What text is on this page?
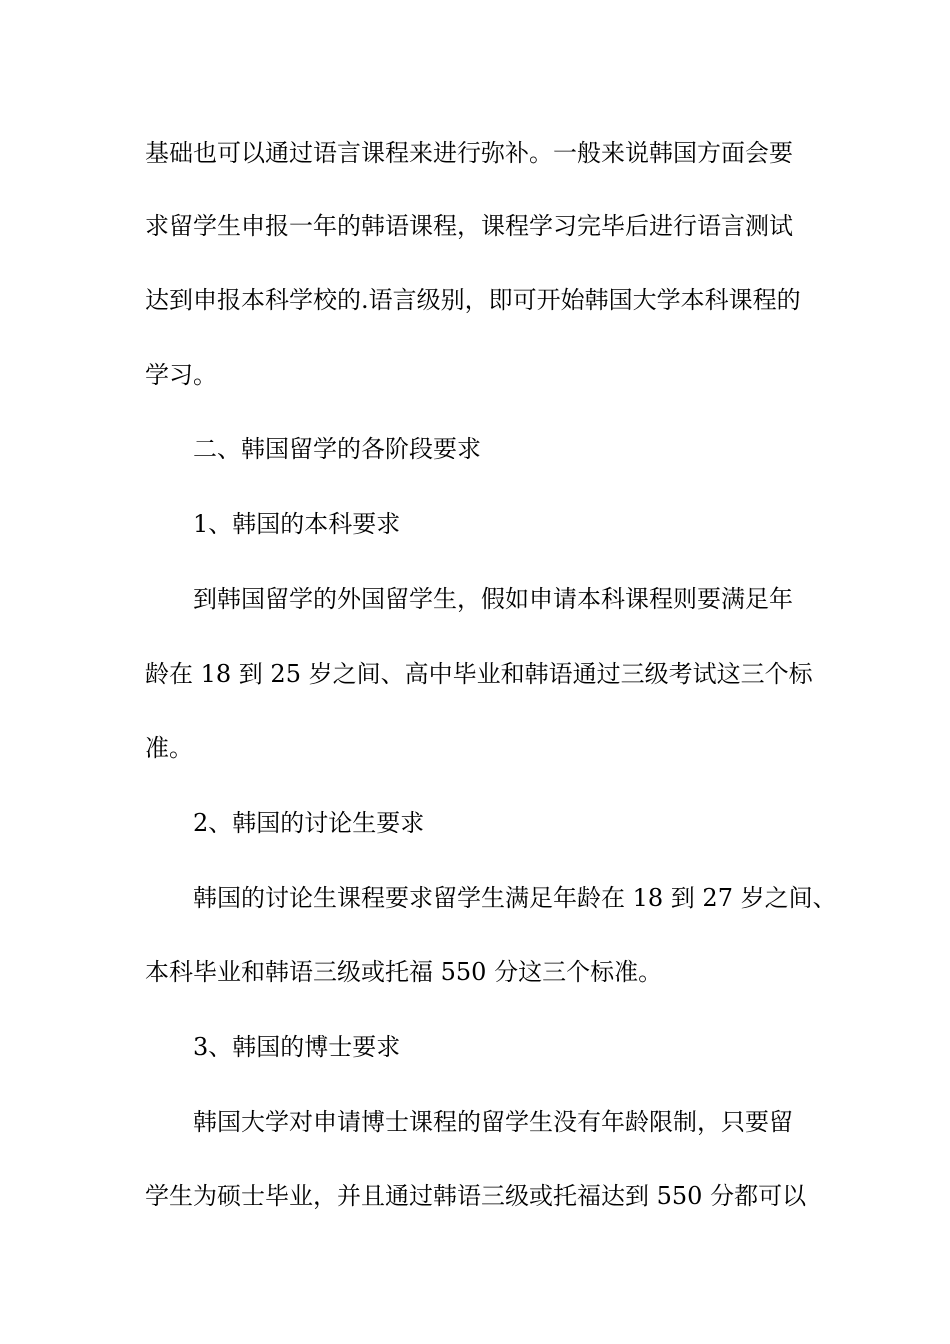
基础也可以通过语言课程来进行弥补。一般来说韩国方面会要
求留学生申报一年的韩语课程，课程学习完毕后进行语言测试
达到申报本科学校的.语言级别，即可开始韩国大学本科课程的
学习。
二、韩国留学的各阶段要求
1、韩国的本科要求
到韩国留学的外国留学生，假如申请本科课程则要满足年
龄在 18 到 25 岁之间、高中毕业和韩语通过三级考试这三个标
准。
2、韩国的讨论生要求
韩国的讨论生课程要求留学生满足年龄在 18 到 27 岁之间、
本科毕业和韩语三级或托福 550 分这三个标准。
3、韩国的博士要求
韩国大学对申请博士课程的留学生没有年龄限制，只要留
学生为硕士毕业，并且通过韩语三级或托福达到 550 分都可以
